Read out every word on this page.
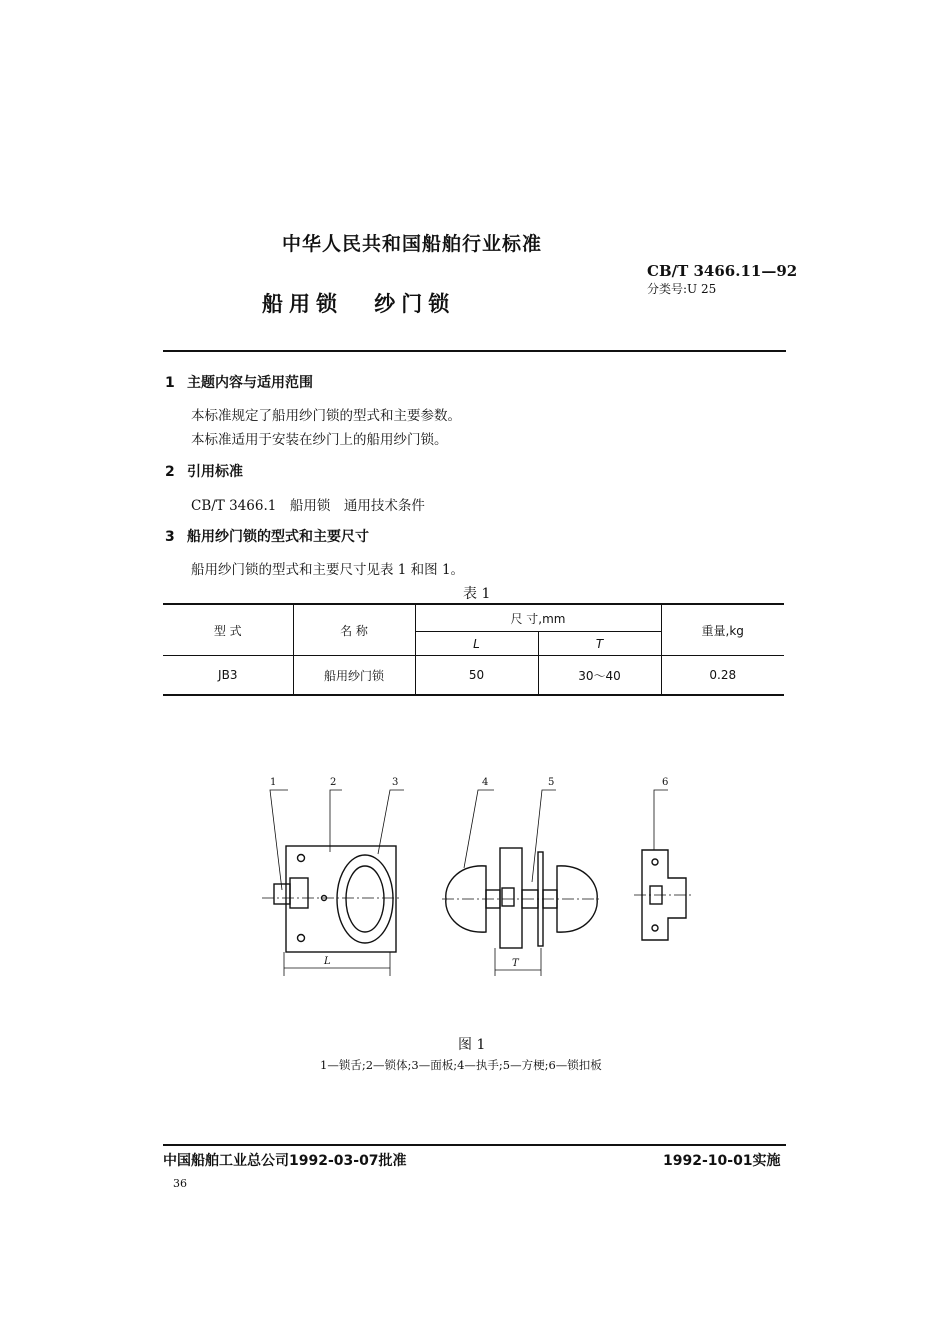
中华人民共和国船舶行业标准
船用锁 纱门锁
CB/T 3466.11—92
分类号:U 25
1 主题内容与适用范围
本标准规定了船用纱门锁的型式和主要参数。
本标准适用于安装在纱门上的船用纱门锁。
2 引用标准
CB/T 3466.1　船用锁　通用技术条件
3 船用纱门锁的型式和主要尺寸
船用纱门锁的型式和主要尺寸见表 1 和图 1。
表 1
型 式	名 称	尺 寸,mm		重量,kg
		L	T	
JB3	船用纱门锁	50	30～40	0.28
L
1	2	3
T
4	5	6
图 1
1—锁舌;2—锁体;3—面板;4—执手;5—方梗;6—锁扣板
中国船舶工业总公司1992-03-07批准	1992-10-01实施
36
